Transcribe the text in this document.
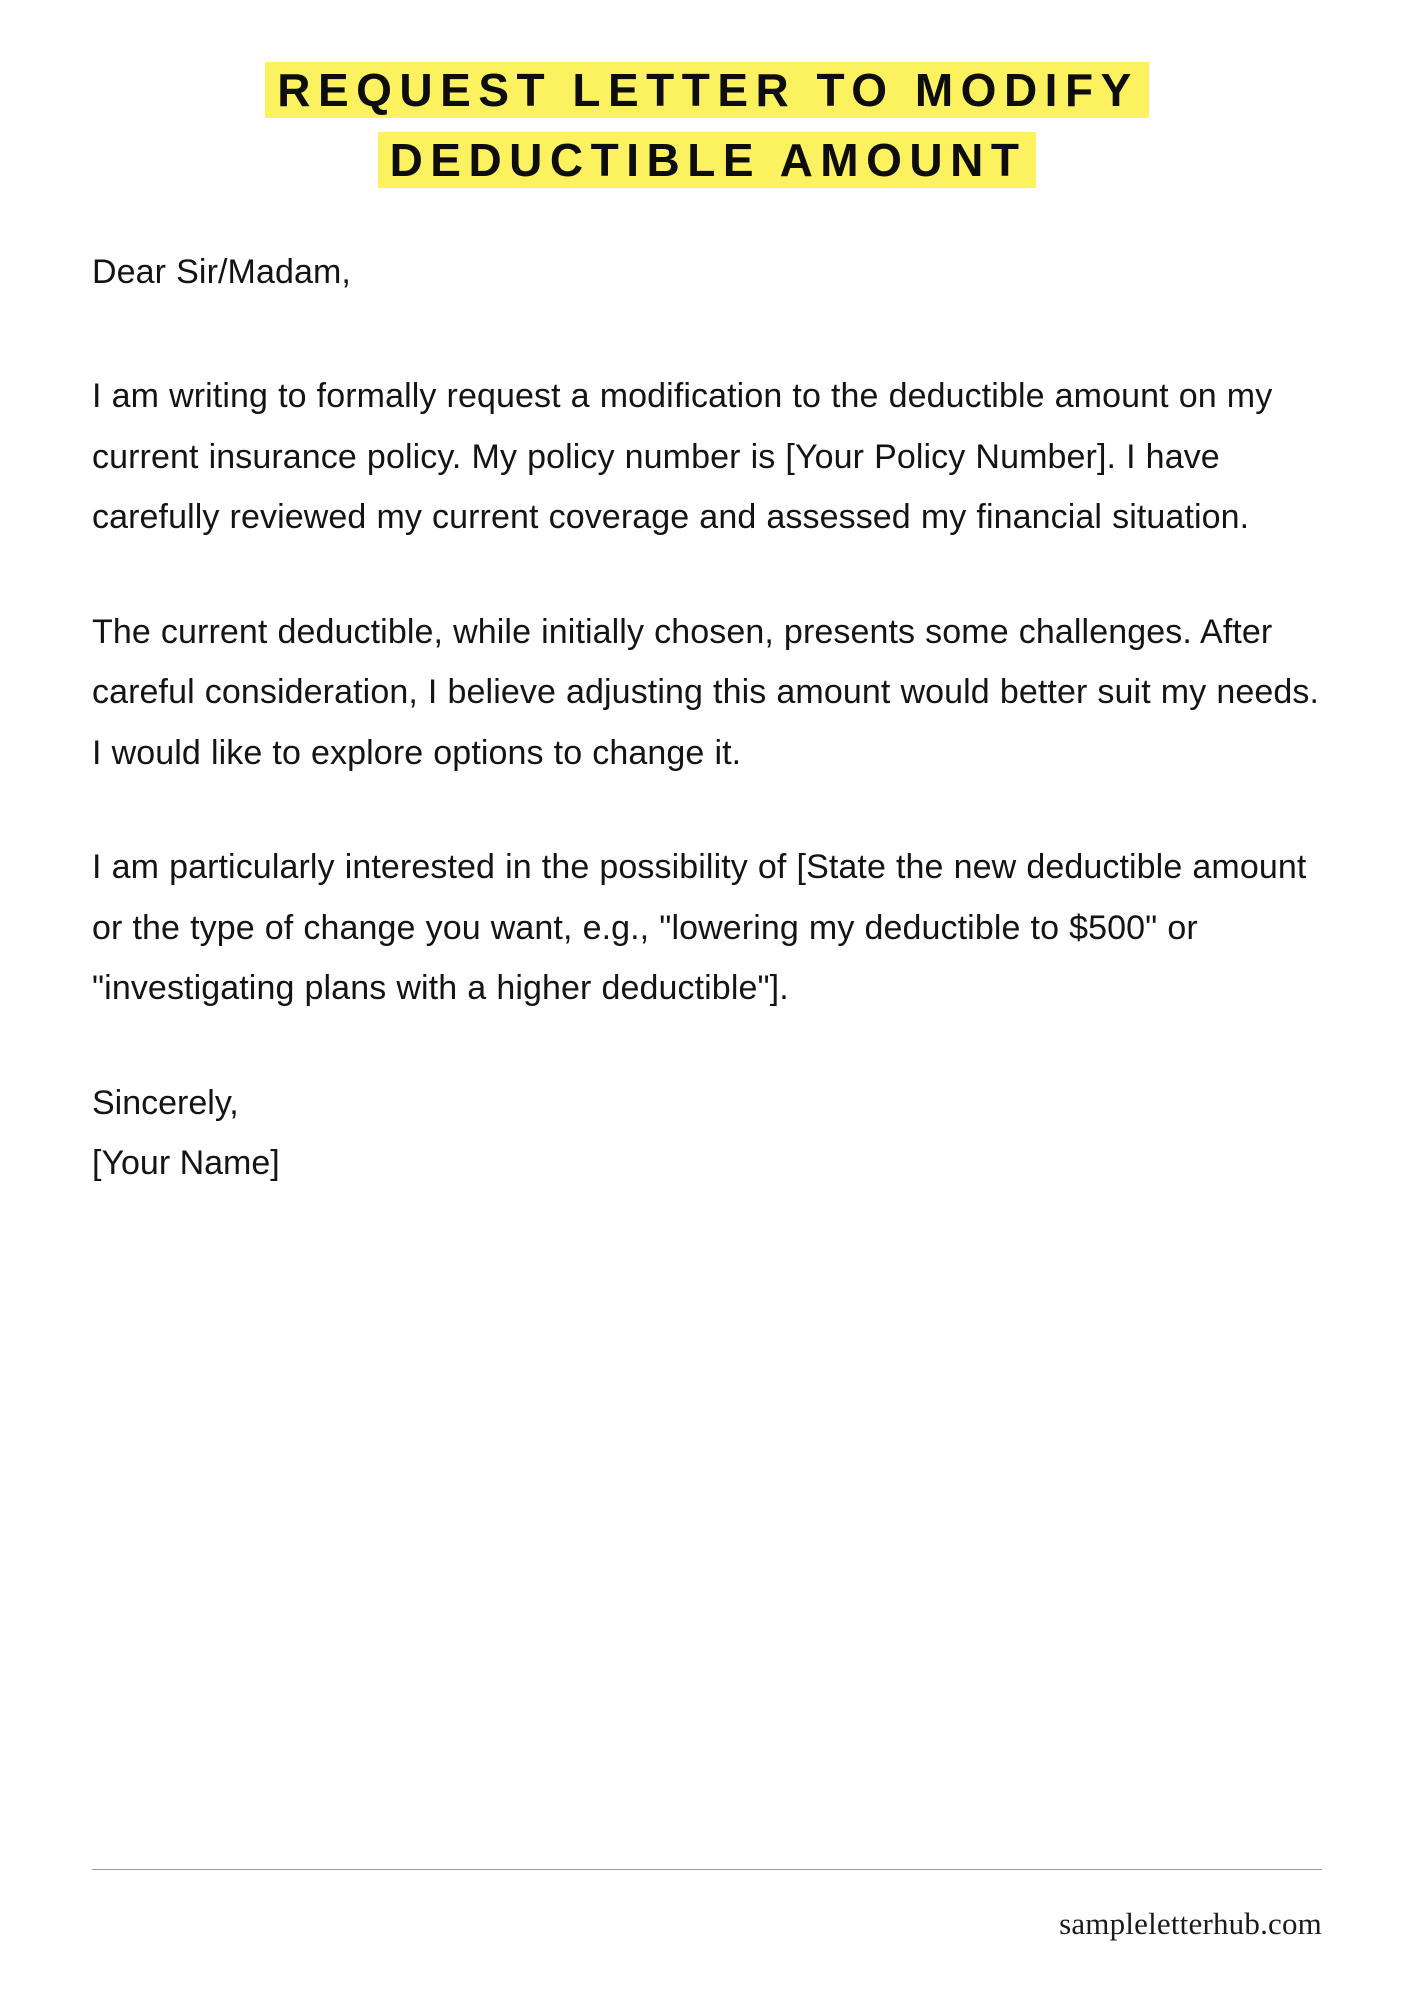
REQUEST LETTER TO MODIFY
DEDUCTIBLE AMOUNT

Dear Sir/Madam,

I am writing to formally request a modification to the deductible amount on my current insurance policy. My policy number is [Your Policy Number]. I have carefully reviewed my current coverage and assessed my financial situation.

The current deductible, while initially chosen, presents some challenges. After careful consideration, I believe adjusting this amount would better suit my needs. I would like to explore options to change it.

I am particularly interested in the possibility of [State the new deductible amount or the type of change you want, e.g., "lowering my deductible to $500" or "investigating plans with a higher deductible"].

Sincerely,

[Your Name]

sampleletterhub.com
